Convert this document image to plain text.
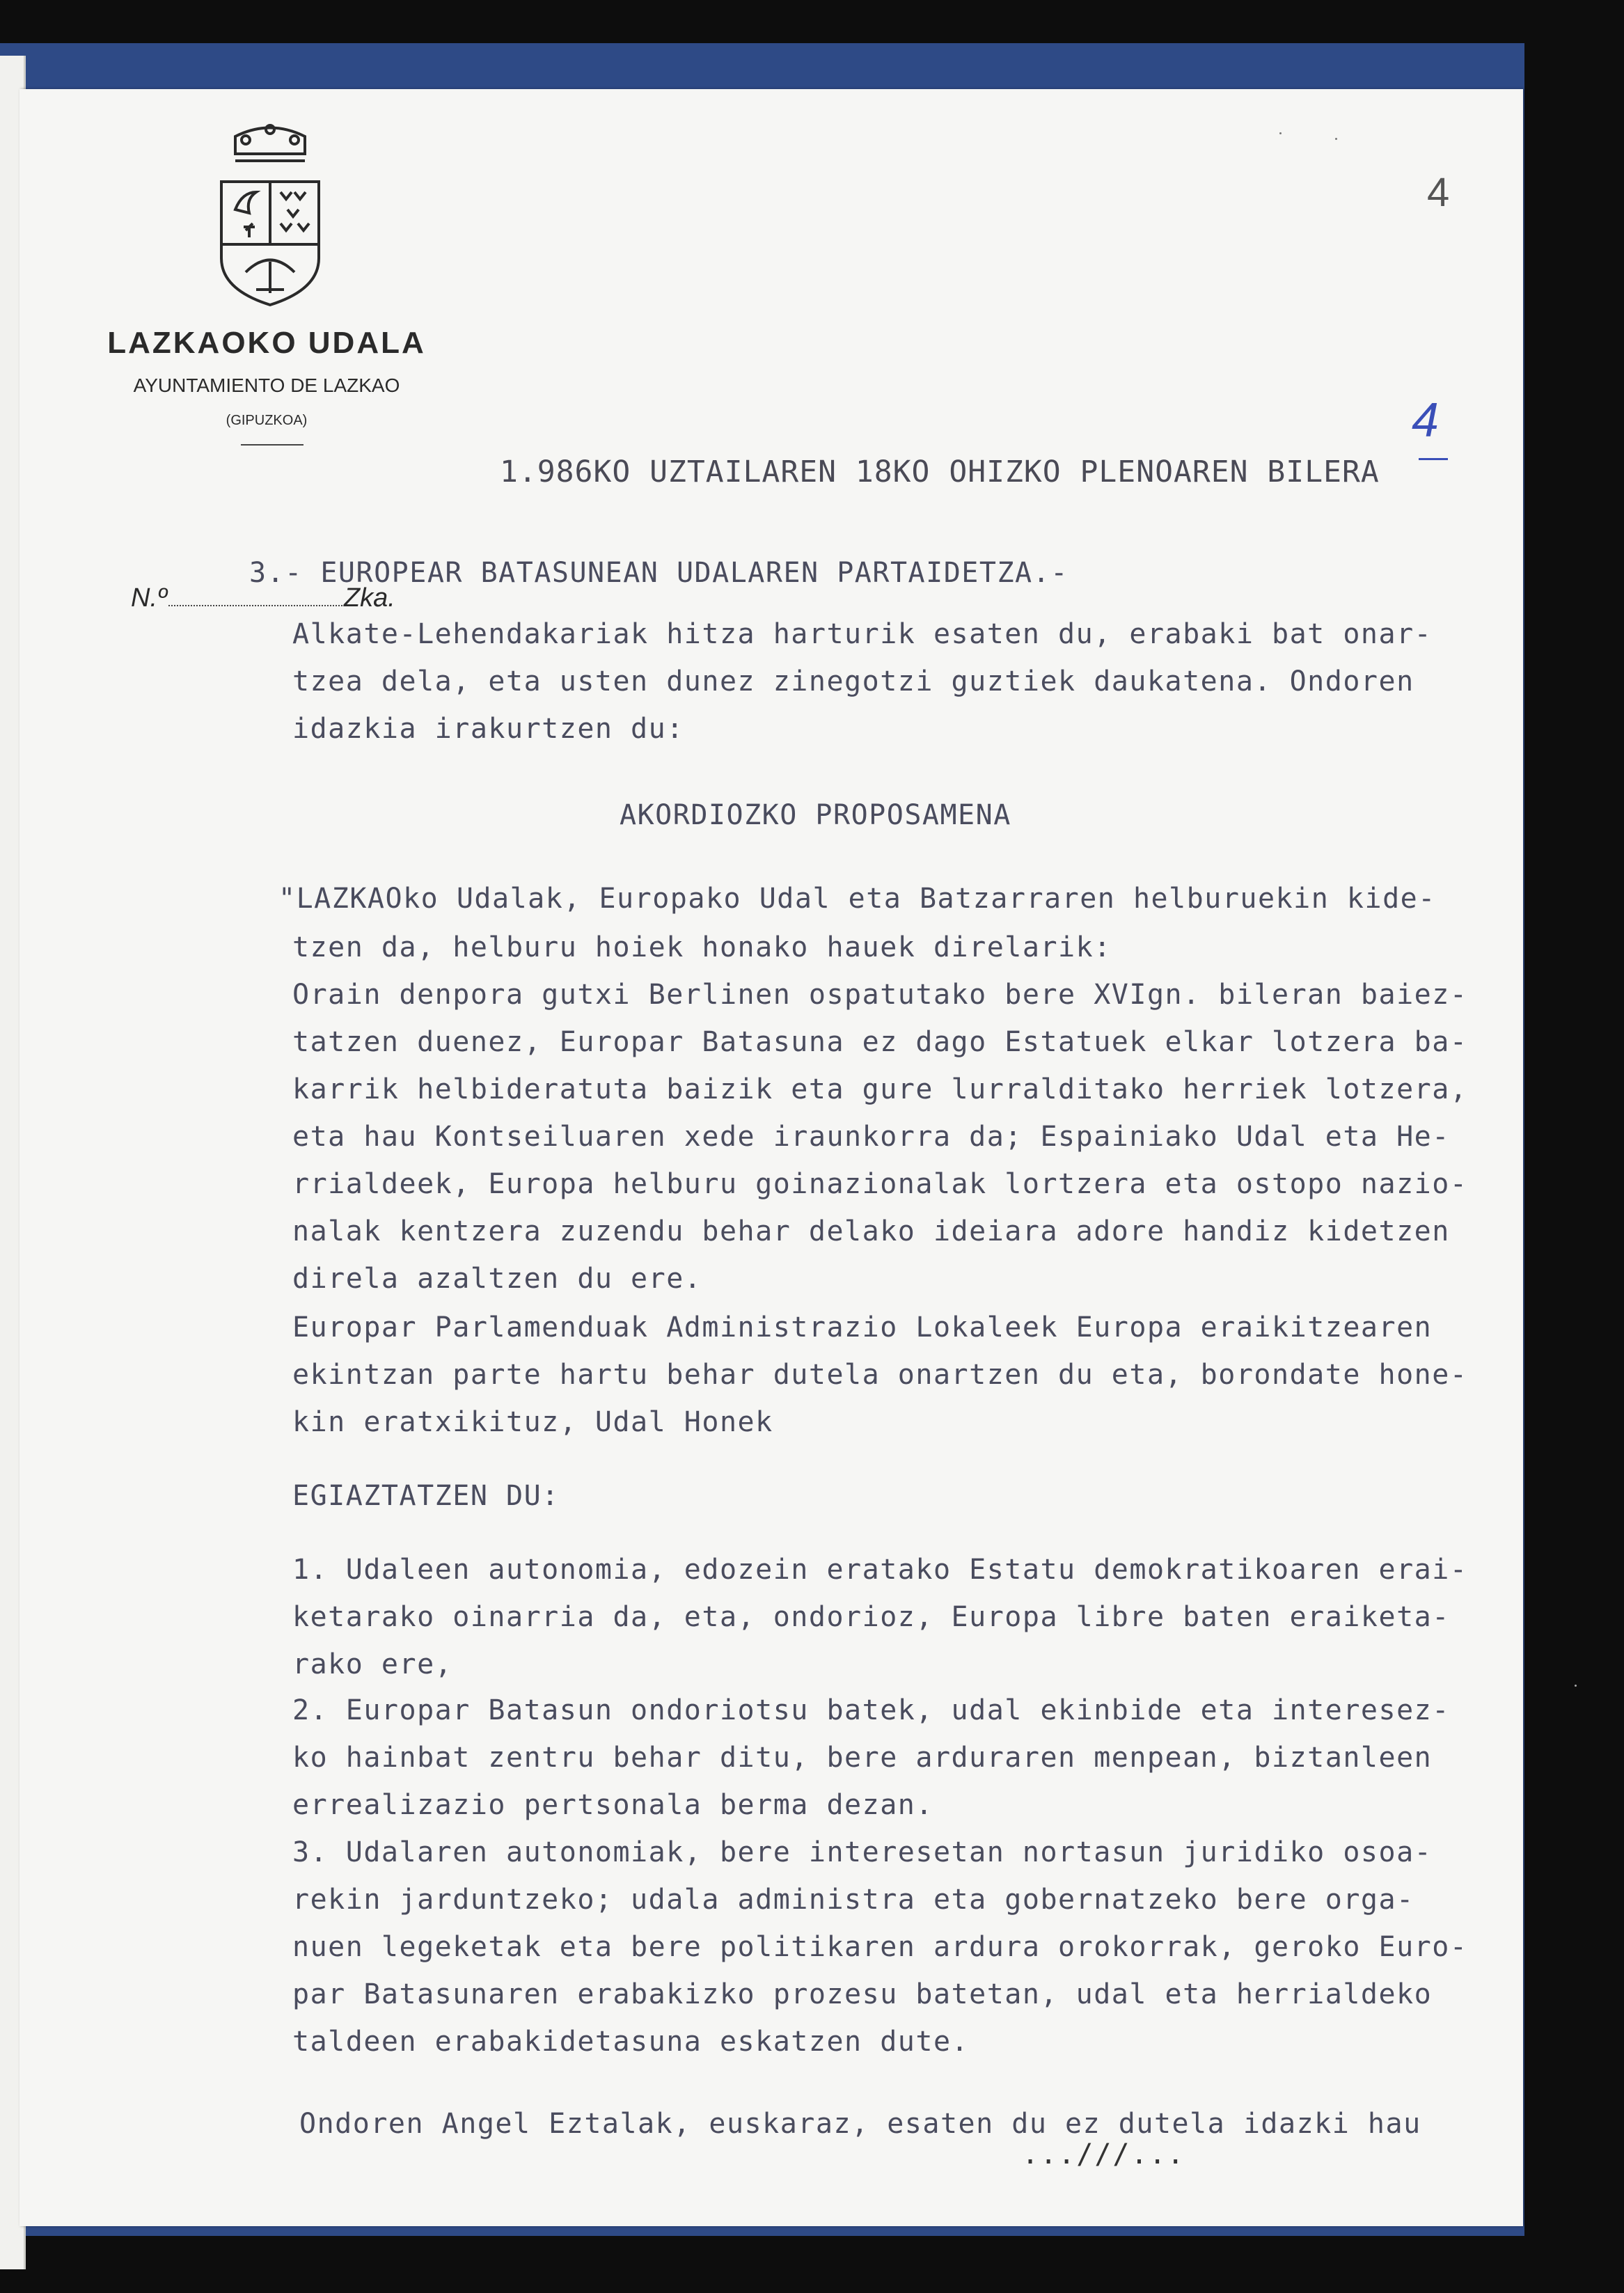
LAZKAOKO UDALA
AYUNTAMIENTO DE LAZKAO
(GIPUZKOA)
4
4
1.986KO UZTAILAREN 18KO OHIZKO PLENOAREN BILERA
N.º	Zka.
3.- EUROPEAR BATASUNEAN UDALAREN PARTAIDETZA.-
Alkate-Lehendakariak hitza harturik esaten du, erabaki bat onar-
tzea dela, eta usten dunez zinegotzi guztiek daukatena. Ondoren
idazkia irakurtzen du:
AKORDIOZKO PROPOSAMENA
"LAZKAOko Udalak, Europako Udal eta Batzarraren helburuekin kide-
tzen da, helburu hoiek honako hauek direlarik:
Orain denpora gutxi Berlinen ospatutako bere XVIgn. bileran baiez-
tatzen duenez, Europar Batasuna ez dago Estatuek elkar lotzera ba-
karrik helbideratuta baizik eta gure lurralditako herriek lotzera,
eta hau Kontseiluaren xede iraunkorra da; Espainiako Udal eta He-
rrialdeek, Europa helburu goinazionalak lortzera eta ostopo nazio-
nalak kentzera zuzendu behar delako ideiara adore handiz kidetzen
direla azaltzen du ere.
Europar Parlamenduak Administrazio Lokaleek Europa eraikitzearen
ekintzan parte hartu behar dutela onartzen du eta, borondate hone-
kin eratxikituz, Udal Honek
EGIAZTATZEN DU:
1. Udaleen autonomia, edozein eratako Estatu demokratikoaren erai-
ketarako oinarria da, eta, ondorioz, Europa libre baten eraiketa-
rako ere,
2. Europar Batasun ondoriotsu batek, udal ekinbide eta interesez-
ko hainbat zentru behar ditu, bere arduraren menpean, biztanleen
errealizazio pertsonala berma dezan.
3. Udalaren autonomiak, bere interesetan nortasun juridiko osoa-
rekin jarduntzeko; udala administra eta gobernatzeko bere orga-
nuen legeketak eta bere politikaren ardura orokorrak, geroko Euro-
par Batasunaren erabakizko prozesu batetan, udal eta herrialdeko
taldeen erabakidetasuna eskatzen dute.
Ondoren Angel Eztalak, euskaraz, esaten du ez dutela idazki hau
...///...
